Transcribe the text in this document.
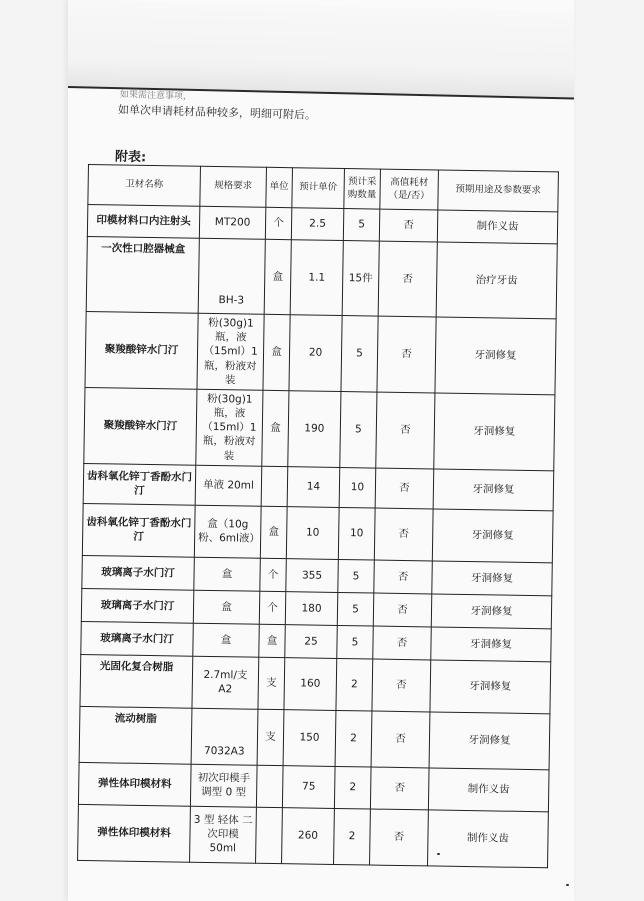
如果需注意事项，
如单次申请耗材品种较多，明细可附后。
附表:
卫材名称	规格要求	单位	预计单价	预计采购数量	高值耗材（是/否）	预期用途及参数要求
印模材料口内注射头	MT200	个	2.5	5	否	制作义齿
一次性口腔器械盒	BH-3	盒	1.1	15件	否	治疗牙齿
聚羧酸锌水门汀	粉(30g)1瓶，液（15ml）1瓶，粉液对装	盒	20	5	否	牙洞修复
聚羧酸锌水门汀	粉(30g)1瓶，液（15ml）1瓶，粉液对装	盒	190	5	否	牙洞修复
齿科氧化锌丁香酚水门汀	单液 20ml		14	10	否	牙洞修复
齿科氧化锌丁香酚水门汀	盒（10g粉、6ml液）	盒	10	10	否	牙洞修复
玻璃离子水门汀	盒	个	355	5	否	牙洞修复
玻璃离子水门汀	盒	个	180	5	否	牙洞修复
玻璃离子水门汀	盒	盒	25	5	否	牙洞修复
光固化复合树脂	2.7ml/支 A2	支	160	2	否	牙洞修复
流动树脂	7032A3	支	150	2	否	牙洞修复
弹性体印模材料	初次印模手调型 0 型		75	2	否	制作义齿
弹性体印模材料	3 型 轻体 二次印模 50ml		260	2	否	制作义齿
